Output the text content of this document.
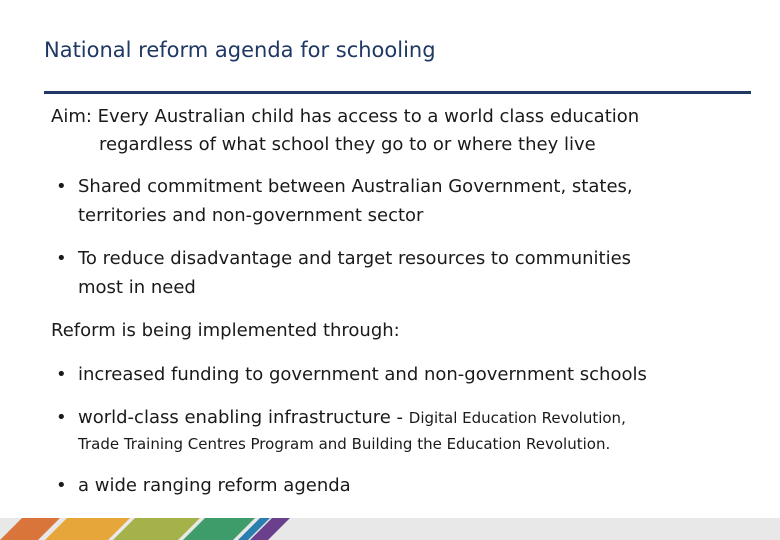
National reform agenda for schooling
Aim: Every Australian child has access to a world class education
regardless of what school they go to or where they live
• Shared commitment between Australian Government, states,
territories and non-government sector
• To reduce disadvantage and target resources to communities
most in need
Reform is being implemented through:
• increased funding to government and non-government schools
• world-class enabling infrastructure - Digital Education Revolution,
Trade Training Centres Program and Building the Education Revolution.
• a wide ranging reform agenda
